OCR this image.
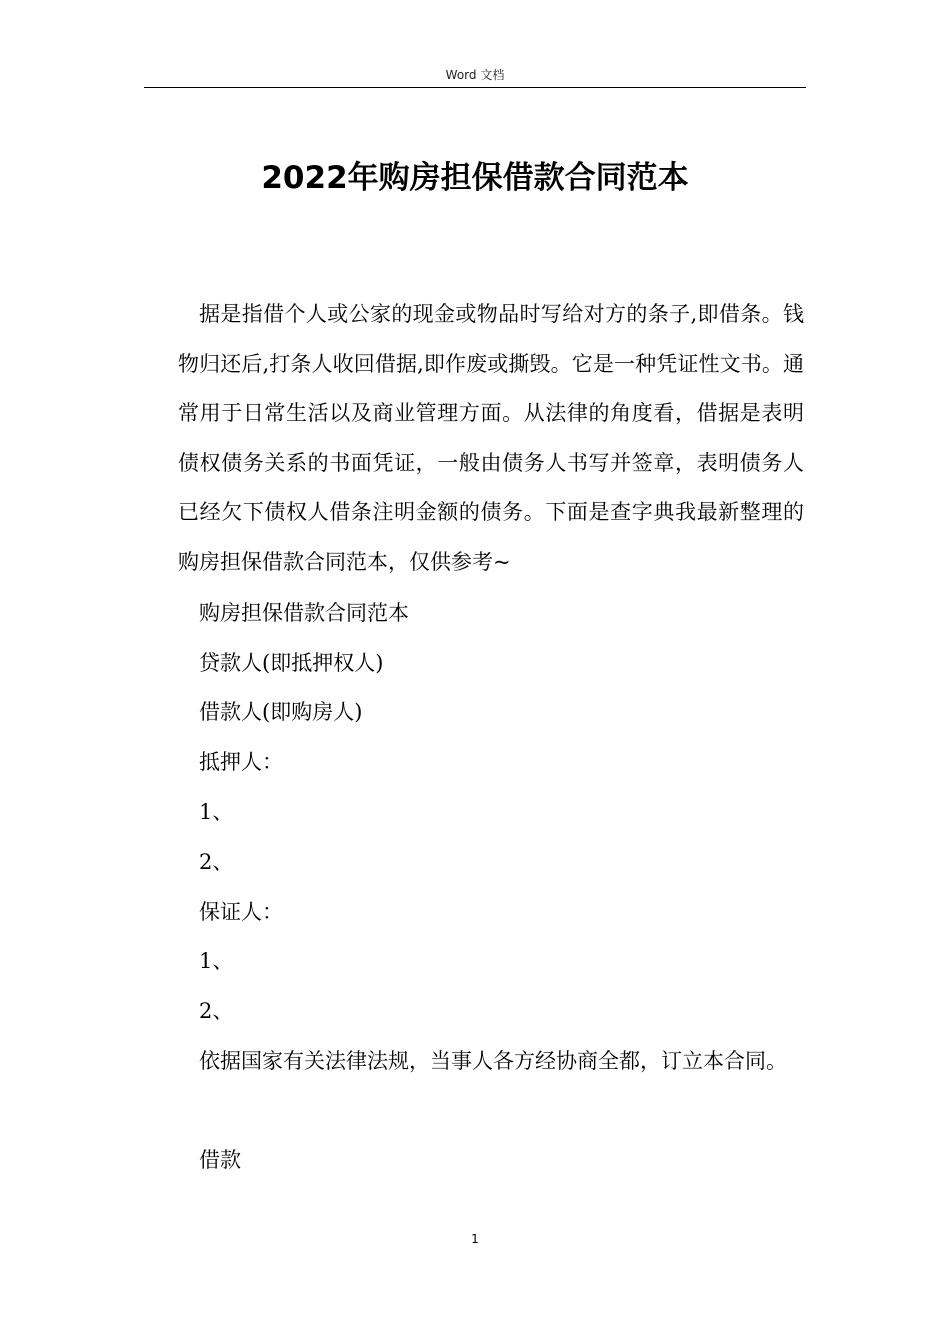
Word 文档
2022年购房担保借款合同范本

据是指借个人或公家的现金或物品时写给对方的条子,即借条。钱物归还后,打条人收回借据,即作废或撕毁。它是一种凭证性文书。通常用于日常生活以及商业管理方面。从法律的角度看，借据是表明债权债务关系的书面凭证，一般由债务人书写并签章，表明债务人已经欠下债权人借条注明金额的债务。下面是查字典我最新整理的购房担保借款合同范本，仅供参考~

购房担保借款合同范本

贷款人(即抵押权人)

借款人(即购房人)

抵押人：

1、

2、

保证人：

1、

2、

依据国家有关法律法规，当事人各方经协商全都，订立本合同。

借款

1
